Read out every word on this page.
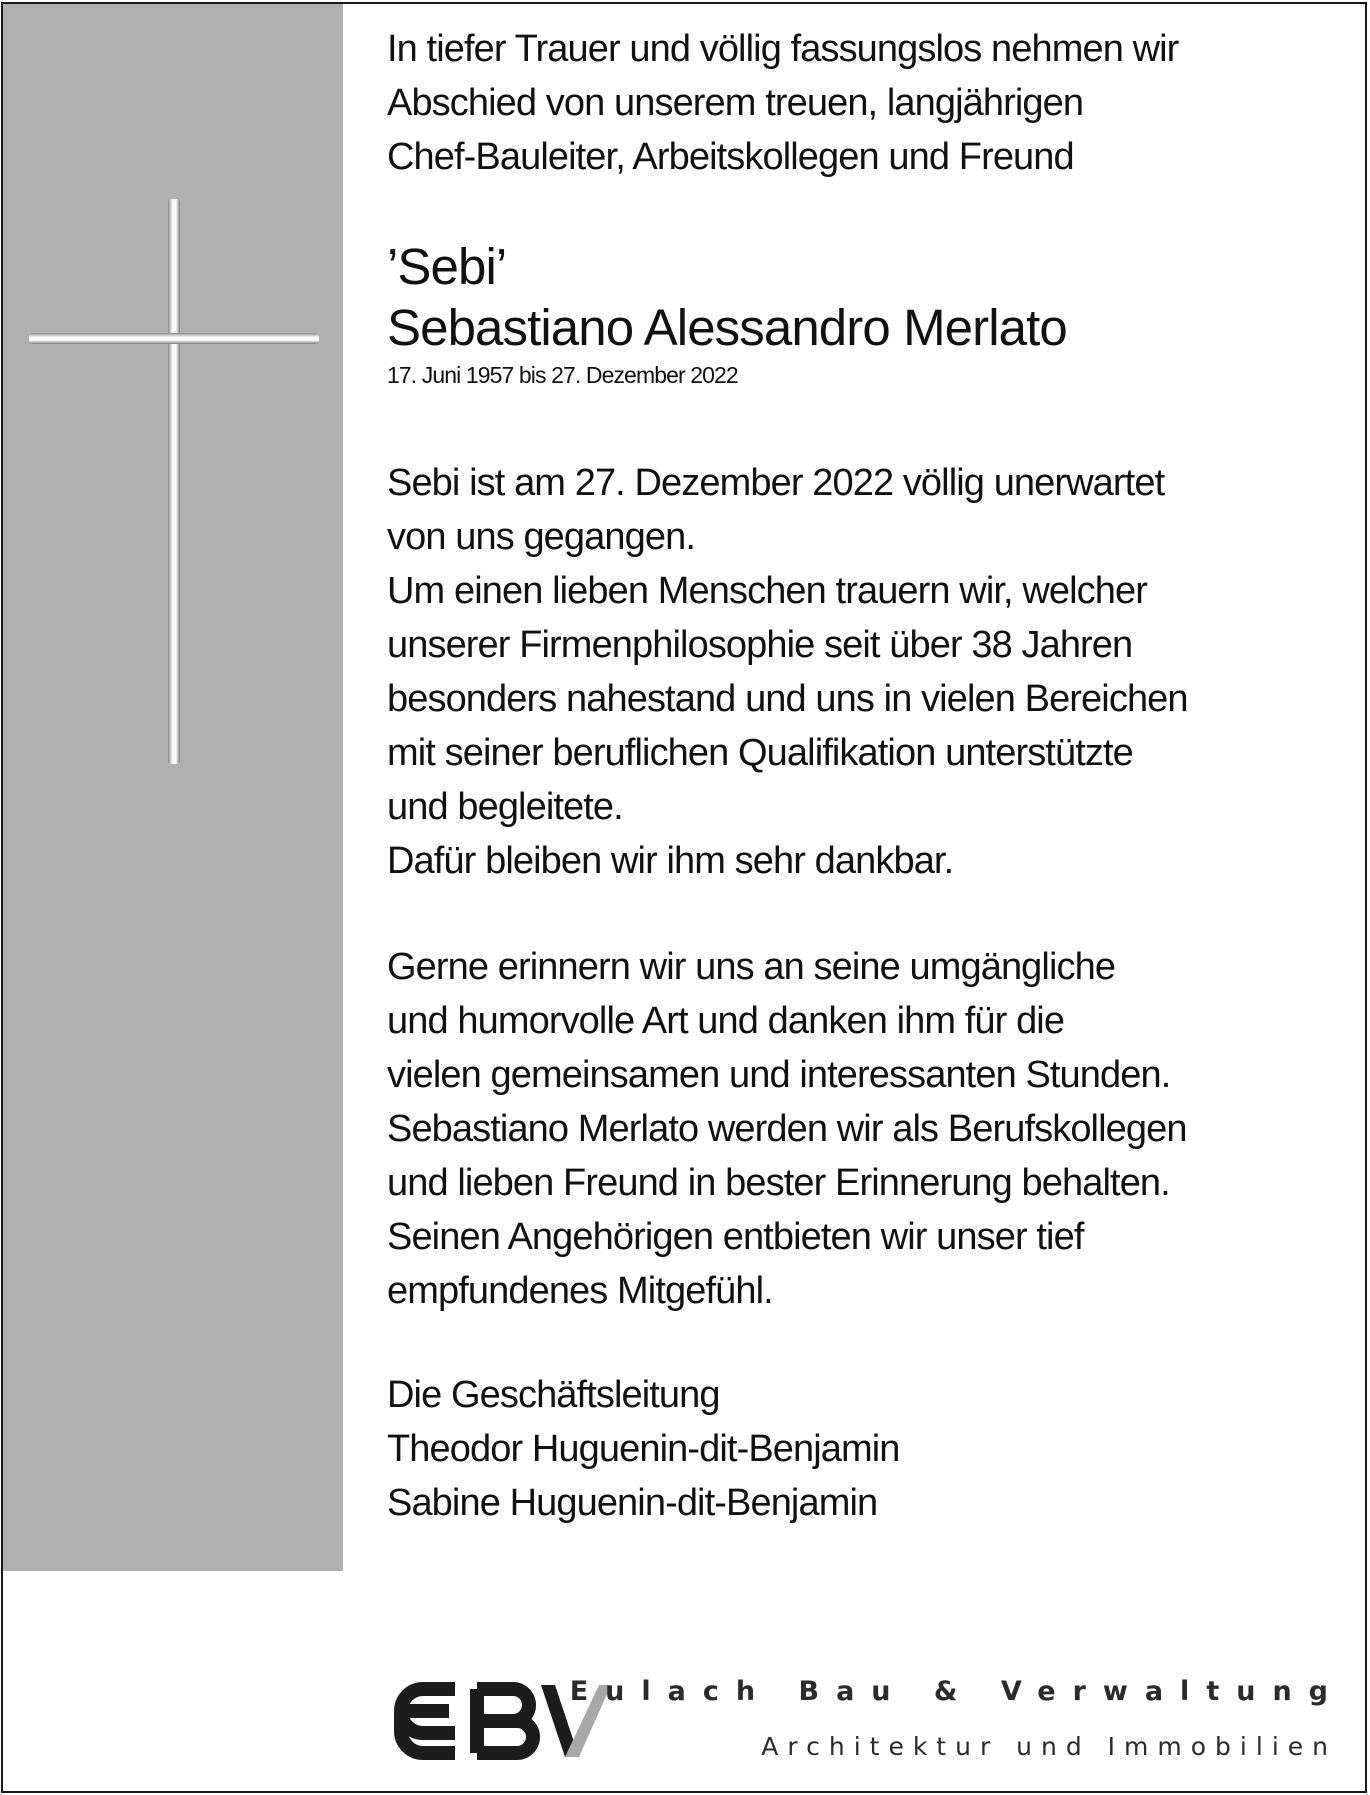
In tiefer Trauer und völlig fassungslos nehmen wir
Abschied von unserem treuen, langjährigen
Chef-Bauleiter, Arbeitskollegen und Freund

’Sebi’
Sebastiano Alessandro Merlato
17. Juni 1957 bis 27. Dezember 2022

Sebi ist am 27. Dezember 2022 völlig unerwartet
von uns gegangen.
Um einen lieben Menschen trauern wir, welcher
unserer Firmenphilosophie seit über 38 Jahren
besonders nahestand und uns in vielen Bereichen
mit seiner beruflichen Qualifikation unterstützte
und begleitete.
Dafür bleiben wir ihm sehr dankbar.

Gerne erinnern wir uns an seine umgängliche
und humorvolle Art und danken ihm für die
vielen gemeinsamen und interessanten Stunden.
Sebastiano Merlato werden wir als Berufskollegen
und lieben Freund in bester Erinnerung behalten.
Seinen Angehörigen entbieten wir unser tief
empfundenes Mitgefühl.

Die Geschäftsleitung
Theodor Huguenin-dit-Benjamin
Sabine Huguenin-dit-Benjamin

Eulach Bau & Verwaltung
Architektur und Immobilien
